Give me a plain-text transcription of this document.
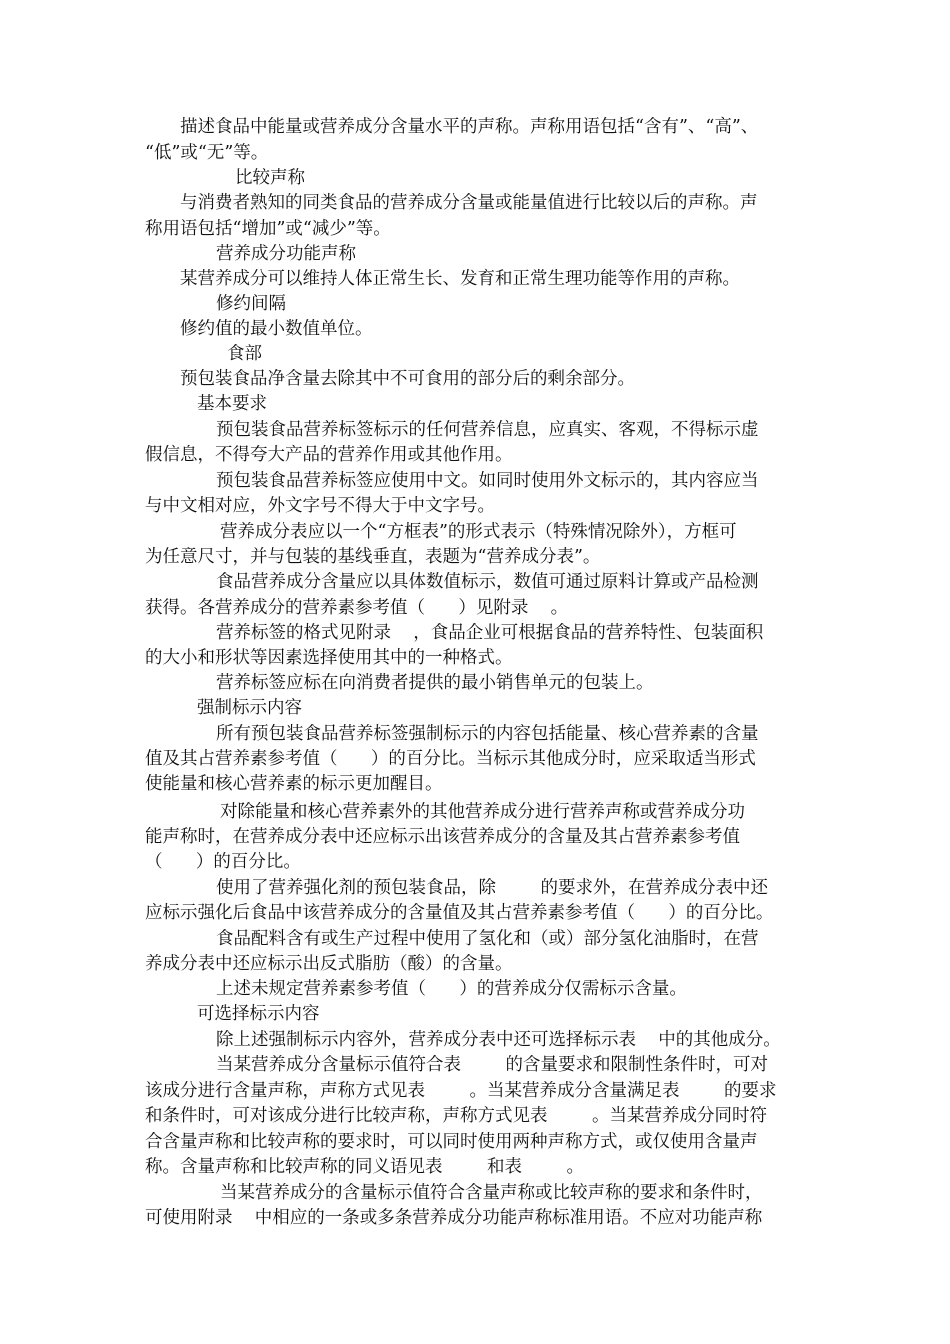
描述食品中能量或营养成分含量水平的声称。声称用语包括“含有”、“高”、
“低”或“无”等。
比较声称
与消费者熟知的同类食品的营养成分含量或能量值进行比较以后的声称。声
称用语包括“增加”或“减少”等。
营养成分功能声称
某营养成分可以维持人体正常生长、发育和正常生理功能等作用的声称。
修约间隔
修约值的最小数值单位。
食部
预包装食品净含量去除其中不可食用的部分后的剩余部分。
基本要求
预包装食品营养标签标示的任何营养信息，应真实、客观，不得标示虚
假信息，不得夸大产品的营养作用或其他作用。
预包装食品营养标签应使用中文。如同时使用外文标示的，其内容应当
与中文相对应，外文字号不得大于中文字号。
营养成分表应以一个“方框表”的形式表示（特殊情况除外），方框可
为任意尺寸，并与包装的基线垂直，表题为“营养成分表”。
食品营养成分含量应以具体数值标示，数值可通过原料计算或产品检测
获得。各营养成分的营养素参考值（      ）见附录    。
营养标签的格式见附录    ，食品企业可根据食品的营养特性、包装面积
的大小和形状等因素选择使用其中的一种格式。
营养标签应标在向消费者提供的最小销售单元的包装上。
强制标示内容
所有预包装食品营养标签强制标示的内容包括能量、核心营养素的含量
值及其占营养素参考值（      ）的百分比。当标示其他成分时，应采取适当形式
使能量和核心营养素的标示更加醒目。
对除能量和核心营养素外的其他营养成分进行营养声称或营养成分功
能声称时，在营养成分表中还应标示出该营养成分的含量及其占营养素参考值
（      ）的百分比。
使用了营养强化剂的预包装食品，除        的要求外，在营养成分表中还
应标示强化后食品中该营养成分的含量值及其占营养素参考值（      ）的百分比。
食品配料含有或生产过程中使用了氢化和（或）部分氢化油脂时，在营
养成分表中还应标示出反式脂肪（酸）的含量。
上述未规定营养素参考值（      ）的营养成分仅需标示含量。
可选择标示内容
除上述强制标示内容外，营养成分表中还可选择标示表    中的其他成分。
当某营养成分含量标示值符合表        的含量要求和限制性条件时，可对
该成分进行含量声称，声称方式见表        。当某营养成分含量满足表        的要求
和条件时，可对该成分进行比较声称，声称方式见表        。当某营养成分同时符
合含量声称和比较声称的要求时，可以同时使用两种声称方式，或仅使用含量声
称。含量声称和比较声称的同义语见表        和表        。
当某营养成分的含量标示值符合含量声称或比较声称的要求和条件时，
可使用附录    中相应的一条或多条营养成分功能声称标准用语。不应对功能声称
